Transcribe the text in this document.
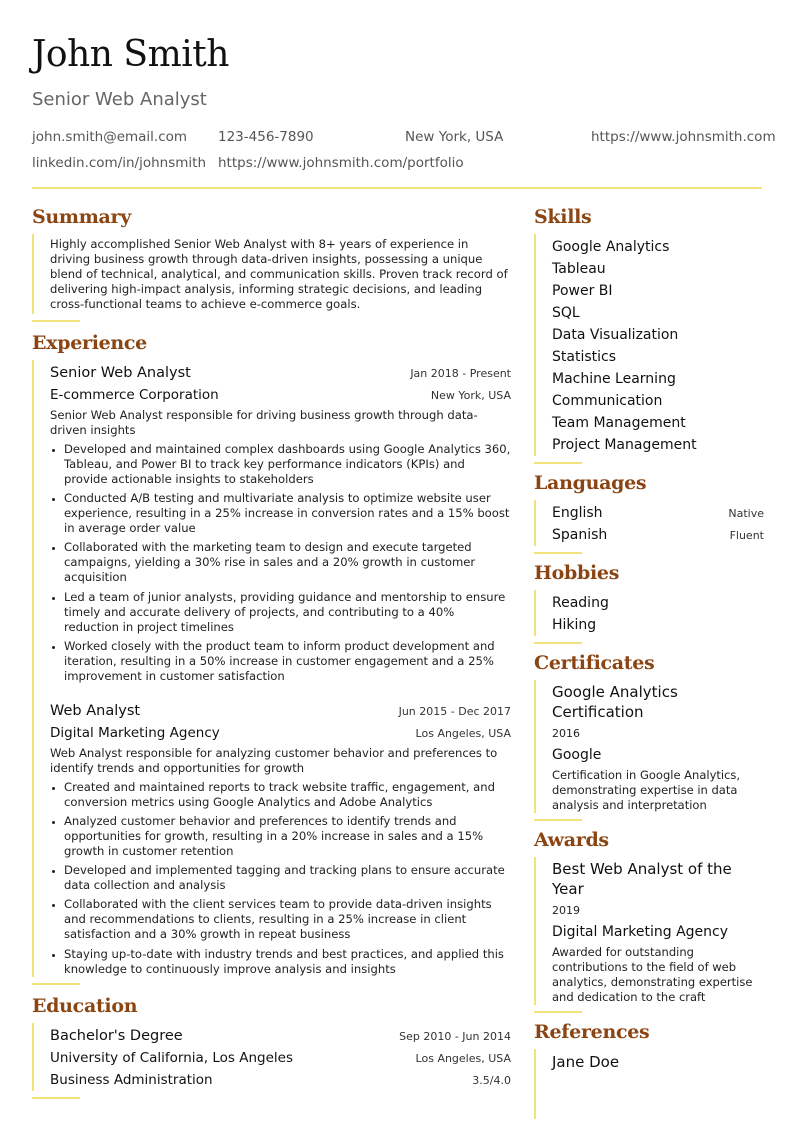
John Smith
Senior Web Analyst
john.smith@email.com 123-456-7890	New York, USA	https://www.johnsmith.com
linkedin.com/in/johnsmith https://www.johnsmith.com/portfolio
Summary
Highly accomplished Senior Web Analyst with 8+ years of experience in driving business growth through data-driven insights, possessing a unique blend of technical, analytical, and communication skills. Proven track record of delivering high-impact analysis, informing strategic decisions, and leading cross-functional teams to achieve e-commerce goals.
Experience
Senior Web Analyst	Jan 2018 - Present
E-commerce Corporation	New York, USA
Senior Web Analyst responsible for driving business growth through data-driven insights
• Developed and maintained complex dashboards using Google Analytics 360, Tableau, and Power BI to track key performance indicators (KPIs) and provide actionable insights to stakeholders
• Conducted A/B testing and multivariate analysis to optimize website user experience, resulting in a 25% increase in conversion rates and a 15% boost in average order value
• Collaborated with the marketing team to design and execute targeted campaigns, yielding a 30% rise in sales and a 20% growth in customer acquisition
• Led a team of junior analysts, providing guidance and mentorship to ensure timely and accurate delivery of projects, and contributing to a 40% reduction in project timelines
• Worked closely with the product team to inform product development and iteration, resulting in a 50% increase in customer engagement and a 25% improvement in customer satisfaction
Web Analyst	Jun 2015 - Dec 2017
Digital Marketing Agency	Los Angeles, USA
Web Analyst responsible for analyzing customer behavior and preferences to identify trends and opportunities for growth
• Created and maintained reports to track website traffic, engagement, and conversion metrics using Google Analytics and Adobe Analytics
• Analyzed customer behavior and preferences to identify trends and opportunities for growth, resulting in a 20% increase in sales and a 15% growth in customer retention
• Developed and implemented tagging and tracking plans to ensure accurate data collection and analysis
• Collaborated with the client services team to provide data-driven insights and recommendations to clients, resulting in a 25% increase in client satisfaction and a 30% growth in repeat business
• Staying up-to-date with industry trends and best practices, and applied this knowledge to continuously improve analysis and insights
Education
Bachelor's Degree	Sep 2010 - Jun 2014
University of California, Los Angeles	Los Angeles, USA
Business Administration	3.5/4.0
Skills
Google Analytics
Tableau
Power BI
SQL
Data Visualization
Statistics
Machine Learning
Communication
Team Management
Project Management
Languages
English	Native
Spanish	Fluent
Hobbies
Reading
Hiking
Certificates
Google Analytics Certification
2016
Google
Certification in Google Analytics, demonstrating expertise in data analysis and interpretation
Awards
Best Web Analyst of the Year
2019
Digital Marketing Agency
Awarded for outstanding contributions to the field of web analytics, demonstrating expertise and dedication to the craft
References
Jane Doe
